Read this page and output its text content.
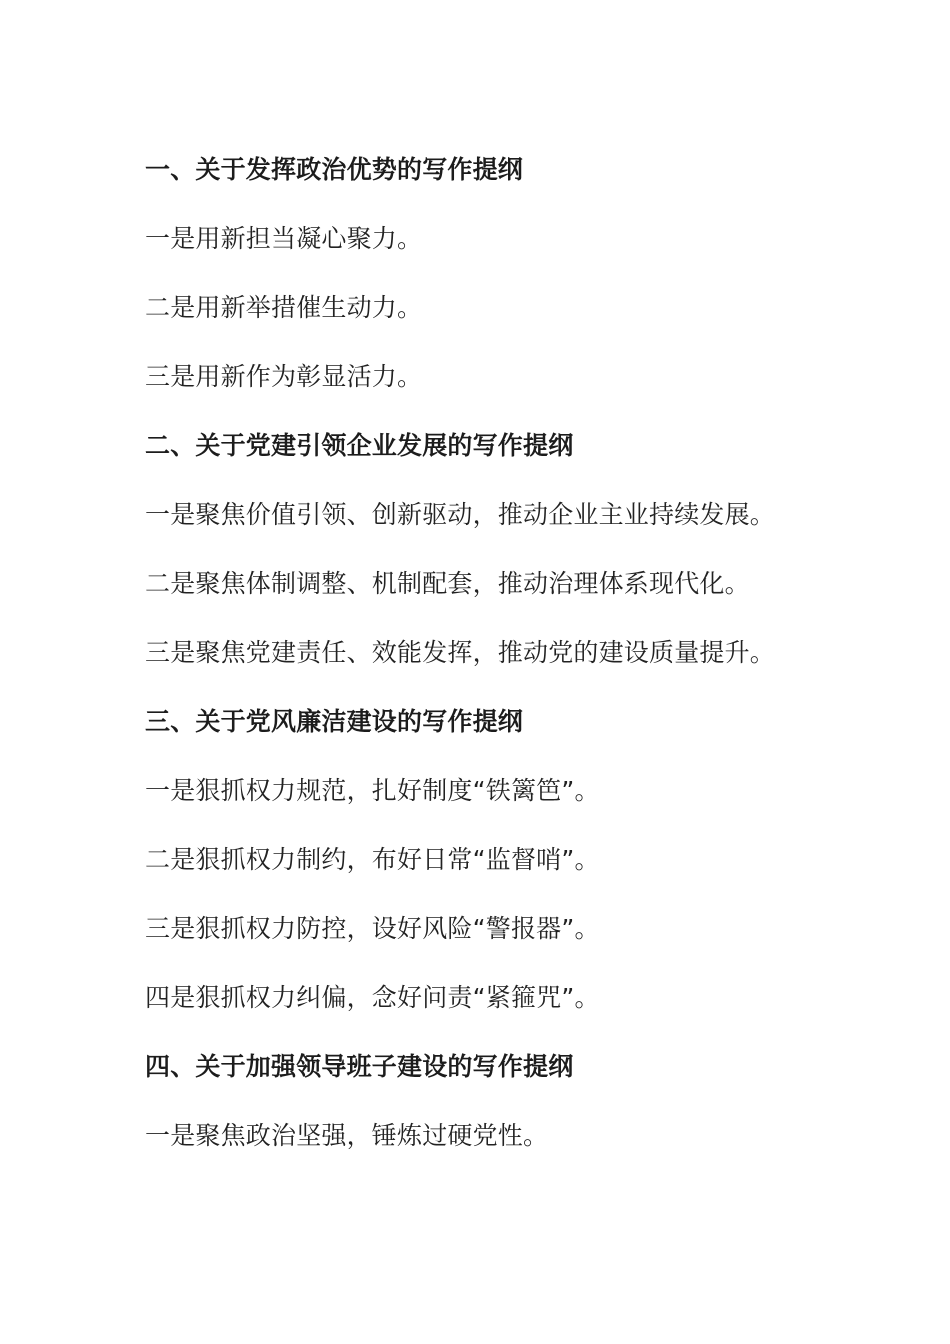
一、关于发挥政治优势的写作提纲
一是用新担当凝心聚力。
二是用新举措催生动力。
三是用新作为彰显活力。
二、关于党建引领企业发展的写作提纲
一是聚焦价值引领、创新驱动，推动企业主业持续发展。
二是聚焦体制调整、机制配套，推动治理体系现代化。
三是聚焦党建责任、效能发挥，推动党的建设质量提升。
三、关于党风廉洁建设的写作提纲
一是狠抓权力规范，扎好制度“铁篱笆”。
二是狠抓权力制约，布好日常“监督哨”。
三是狠抓权力防控，设好风险“警报器”。
四是狠抓权力纠偏，念好问责“紧箍咒”。
四、关于加强领导班子建设的写作提纲
一是聚焦政治坚强，锤炼过硬党性。
